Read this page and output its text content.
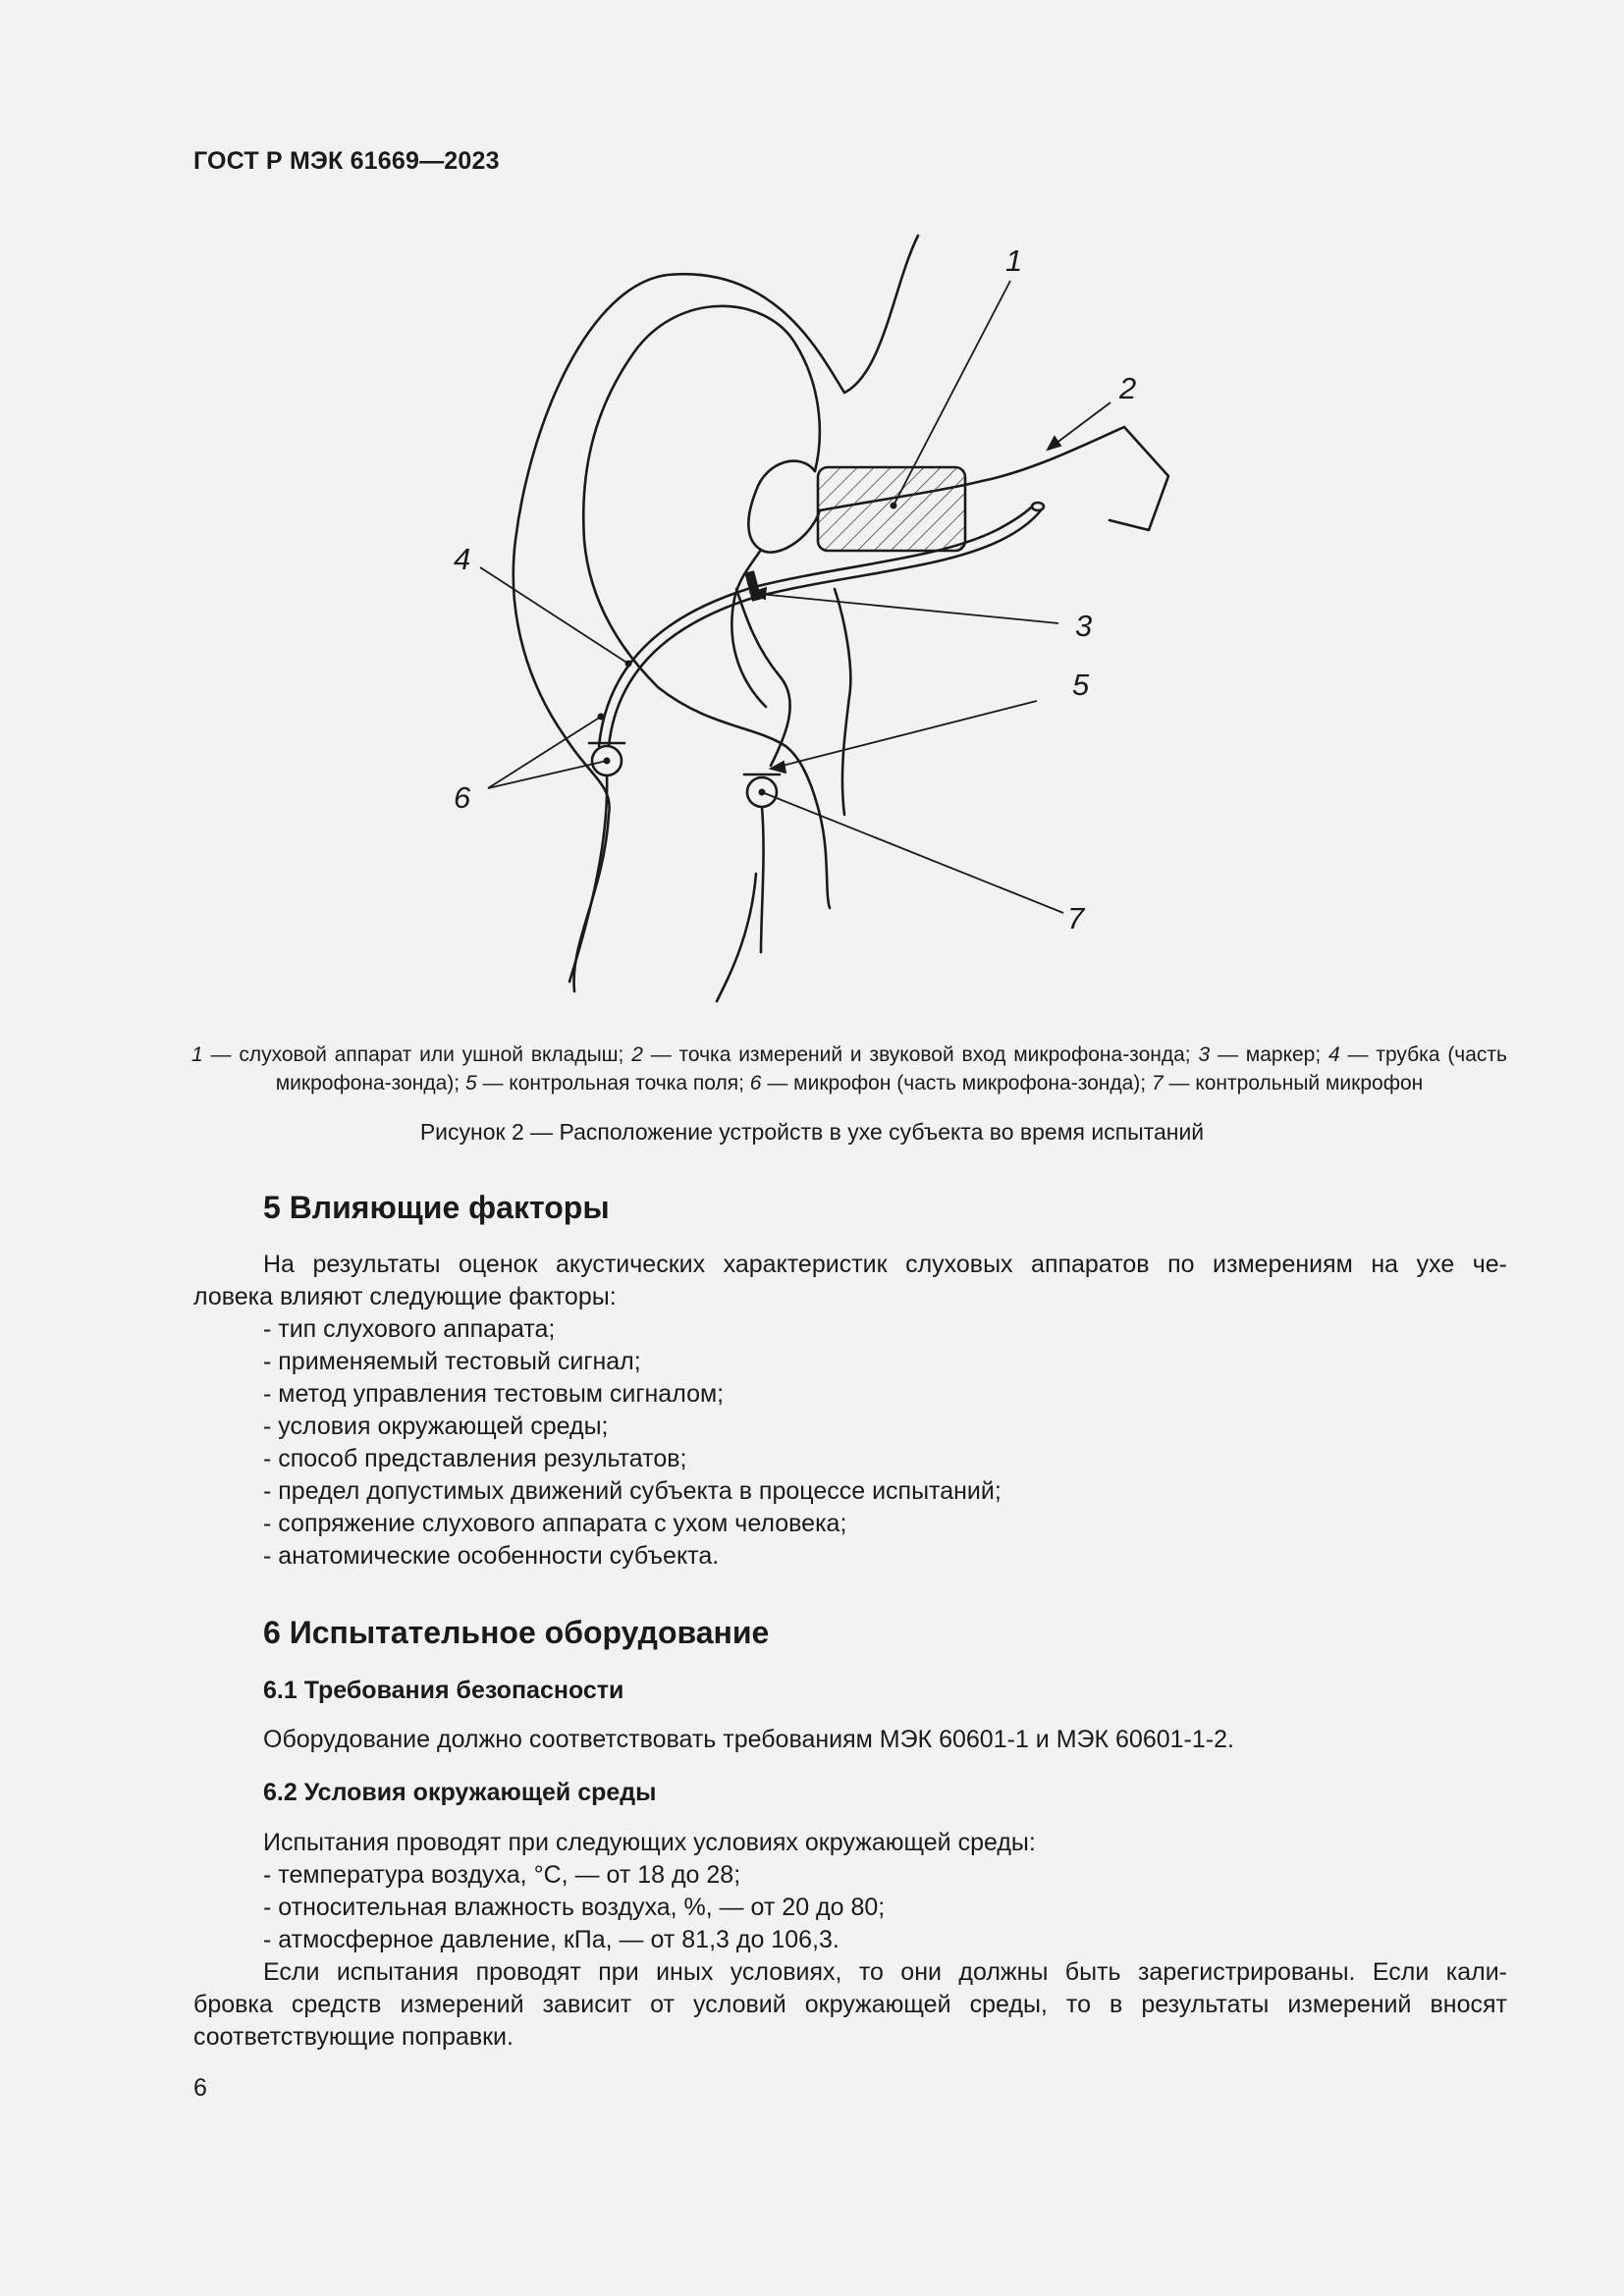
ГОСТ Р МЭК 61669—2023
1
2
3
4
5
6
7
1 — слуховой аппарат или ушной вкладыш; 2 — точка измерений и звуковой вход микрофона-зонда; 3 — маркер; 4 — трубка (часть микрофона-зонда); 5 — контрольная точка поля; 6 — микрофон (часть микрофона-зонда); 7 — контрольный микрофон
Рисунок 2 — Расположение устройств в ухе субъекта во время испытаний
5 Влияющие факторы
На результаты оценок акустических характеристик слуховых аппаратов по измерениям на ухе че-
ловека влияют следующие факторы:
- тип слухового аппарата;
- применяемый тестовый сигнал;
- метод управления тестовым сигналом;
- условия окружающей среды;
- способ представления результатов;
- предел допустимых движений субъекта в процессе испытаний;
- сопряжение слухового аппарата с ухом человека;
- анатомические особенности субъекта.
6 Испытательное оборудование
6.1 Требования безопасности
Оборудование должно соответствовать требованиям МЭК 60601-1 и МЭК 60601-1-2.
6.2 Условия окружающей среды
Испытания проводят при следующих условиях окружающей среды:
- температура воздуха, °С, — от 18 до 28;
- относительная влажность воздуха, %, — от 20 до 80;
- атмосферное давление, кПа, — от 81,3 до 106,3.
Если испытания проводят при иных условиях, то они должны быть зарегистрированы. Если кали-
бровка средств измерений зависит от условий окружающей среды, то в результаты измерений вносят
соответствующие поправки.
6
